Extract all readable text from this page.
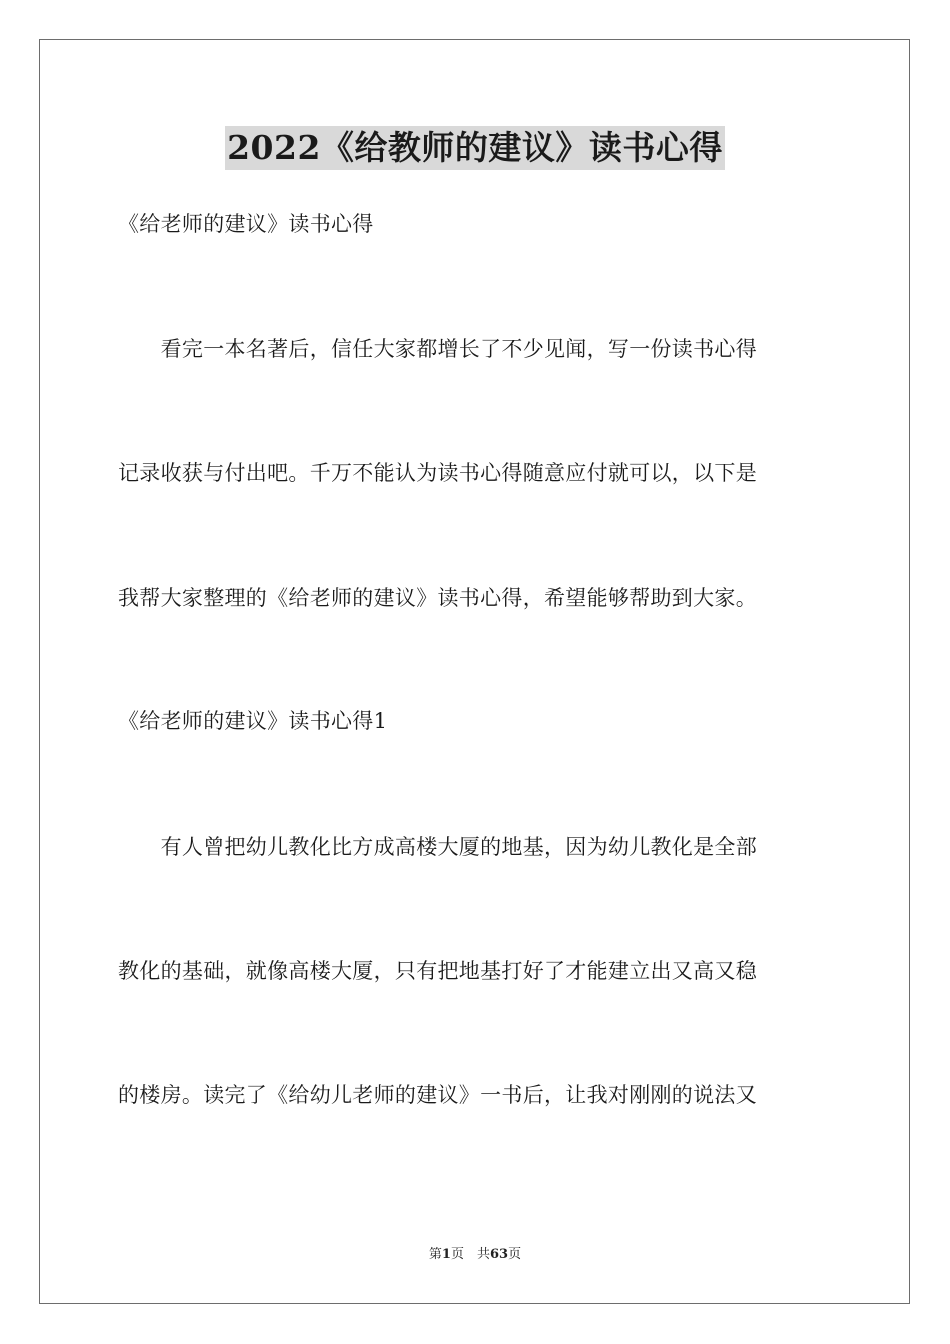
2022《给教师的建议》读书心得
《给老师的建议》读书心得
　　看完一本名著后，信任大家都增长了不少见闻，写一份读书心得
记录收获与付出吧。千万不能认为读书心得随意应付就可以，以下是
我帮大家整理的《给老师的建议》读书心得，希望能够帮助到大家。
《给老师的建议》读书心得1
　　有人曾把幼儿教化比方成高楼大厦的地基，因为幼儿教化是全部
教化的基础，就像高楼大厦，只有把地基打好了才能建立出又高又稳
的楼房。读完了《给幼儿老师的建议》一书后，让我对刚刚的说法又
第1页　共63页
